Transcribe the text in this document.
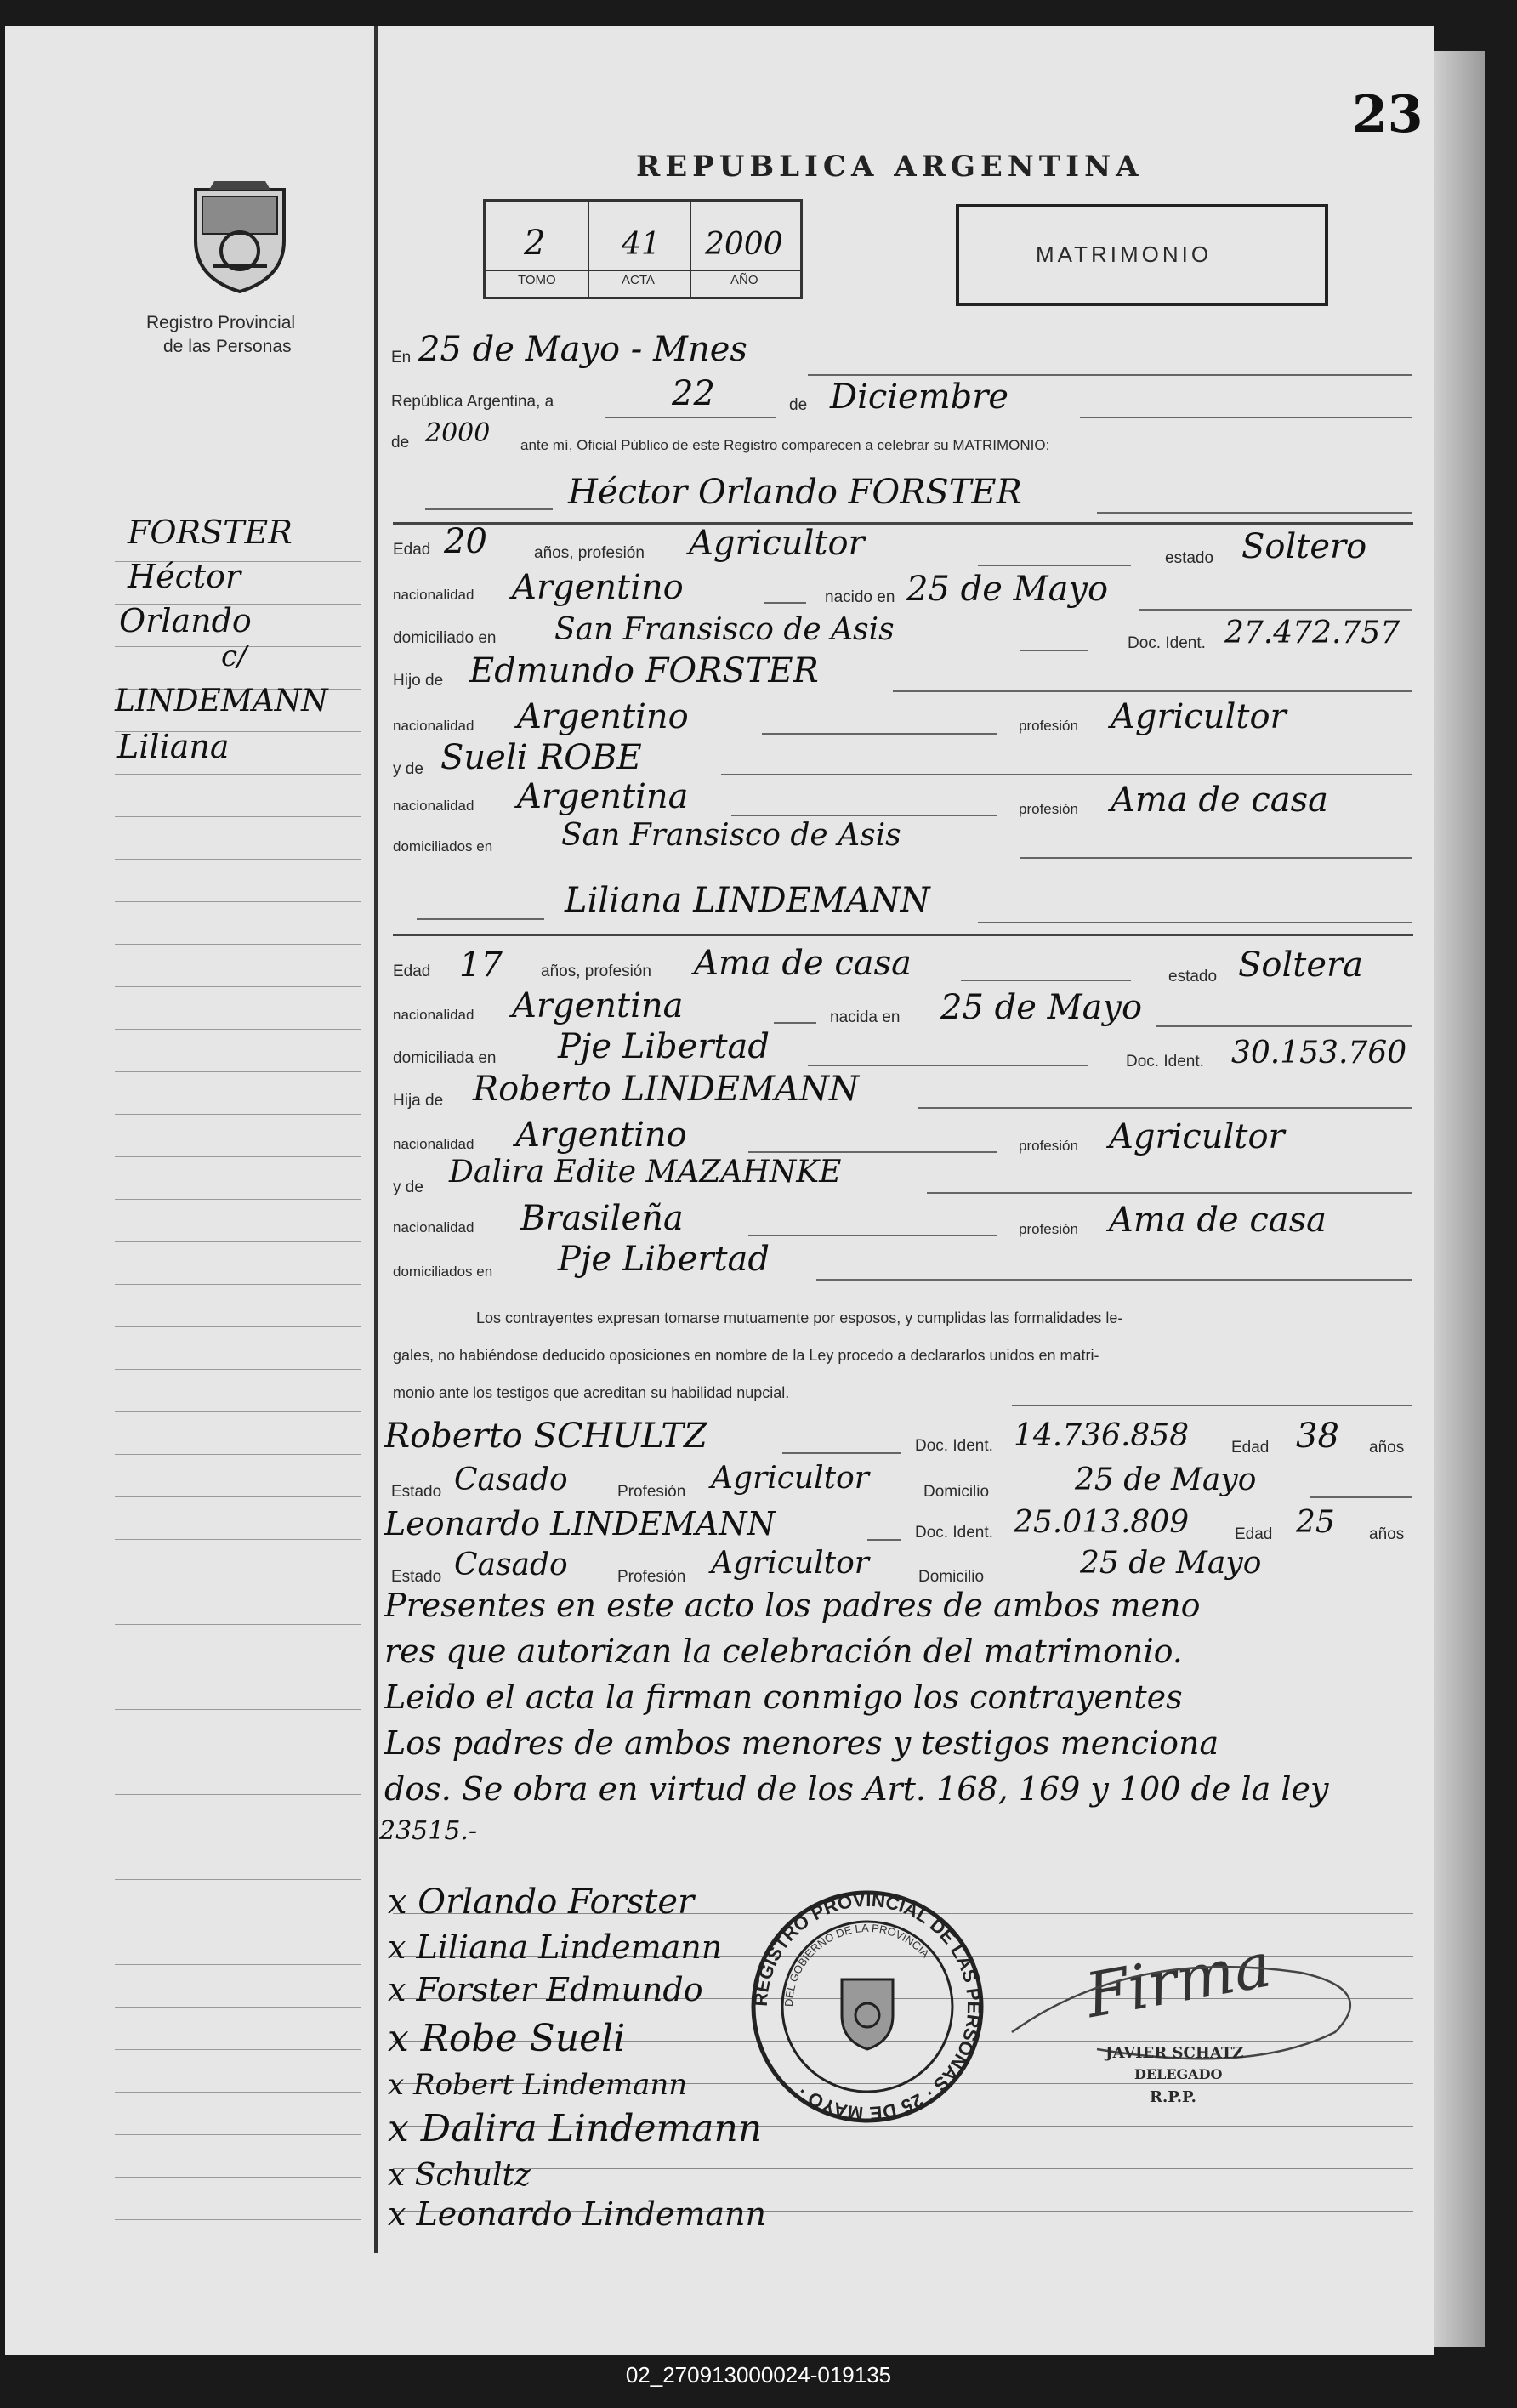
23
Registro Provincial
de las Personas
REPUBLICA ARGENTINA
2 41 2000
TOMO	ACTA	AÑO
MATRIMONIO
FORSTER
Héctor
Orlando
c/
LINDEMANN
Liliana
En 25 de Mayo - Mnes
República Argentina, a	22	de Diciembre
de 2000 ante mí, Oficial Público de este Registro comparecen a celebrar su MATRIMONIO:
Héctor Orlando FORSTER
Edad 20	años, profesión Agricultor	estado Soltero
nacionalidad Argentino	nacido en 25 de Mayo
domiciliado en San Fransisco de Asis	Doc. Ident. 27.472.757
Hijo de Edmundo FORSTER
nacionalidad Argentino	profesión Agricultor
y de Sueli ROBE
nacionalidad Argentina	profesión Ama de casa
domiciliados en San Fransisco de Asis
Liliana LINDEMANN
Edad 17 años, profesión Ama de casa	estado Soltera
nacionalidad Argentina	nacida en 25 de Mayo
domiciliada en Pje Libertad	Doc. Ident. 30.153.760
Hija de Roberto LINDEMANN
nacionalidad Argentino	profesión Agricultor
y de Dalira Edite MAZAHNKE
nacionalidad Brasileña	profesión Ama de casa
domiciliados en Pje Libertad
Los contrayentes expresan tomarse mutuamente por esposos, y cumplidas las formalidades le-
gales, no habiéndose deducido oposiciones en nombre de la Ley procedo a declararlos unidos en matri-
monio ante los testigos que acreditan su habilidad nupcial.
Roberto SCHULTZ	Doc. Ident. 14.736.858	Edad 38 años
Estado Casado	Profesión Agricultor	Domicilio	25 de Mayo
Leonardo LINDEMANN	Doc. Ident. 25.013.809	Edad 25 años
Estado Casado	Profesión Agricultor	Domicilio	25 de Mayo
Presentes en este acto los padres de ambos meno
res que autorizan la celebración del matrimonio.
Leido el acta la firman conmigo los contrayentes
Los padres de ambos menores y testigos menciona
dos. Se obra en virtud de los Art. 168, 169 y 100 de la ley
23515.-
x Orlando Forster
x Liliana Lindemann
x Forster Edmundo
x Robe Sueli
x Robert Lindemann
x Dalira Lindemann
x Schultz
x Leonardo Lindemann
REGISTRO PROVINCIAL DE LAS PERSONAS · 25 DE MAYO ·
DEL GOBIERNO DE LA PROVINCIA Firma
JAVIER SCHATZ
DELEGADO
R.P.P.
02_270913000024-019135
